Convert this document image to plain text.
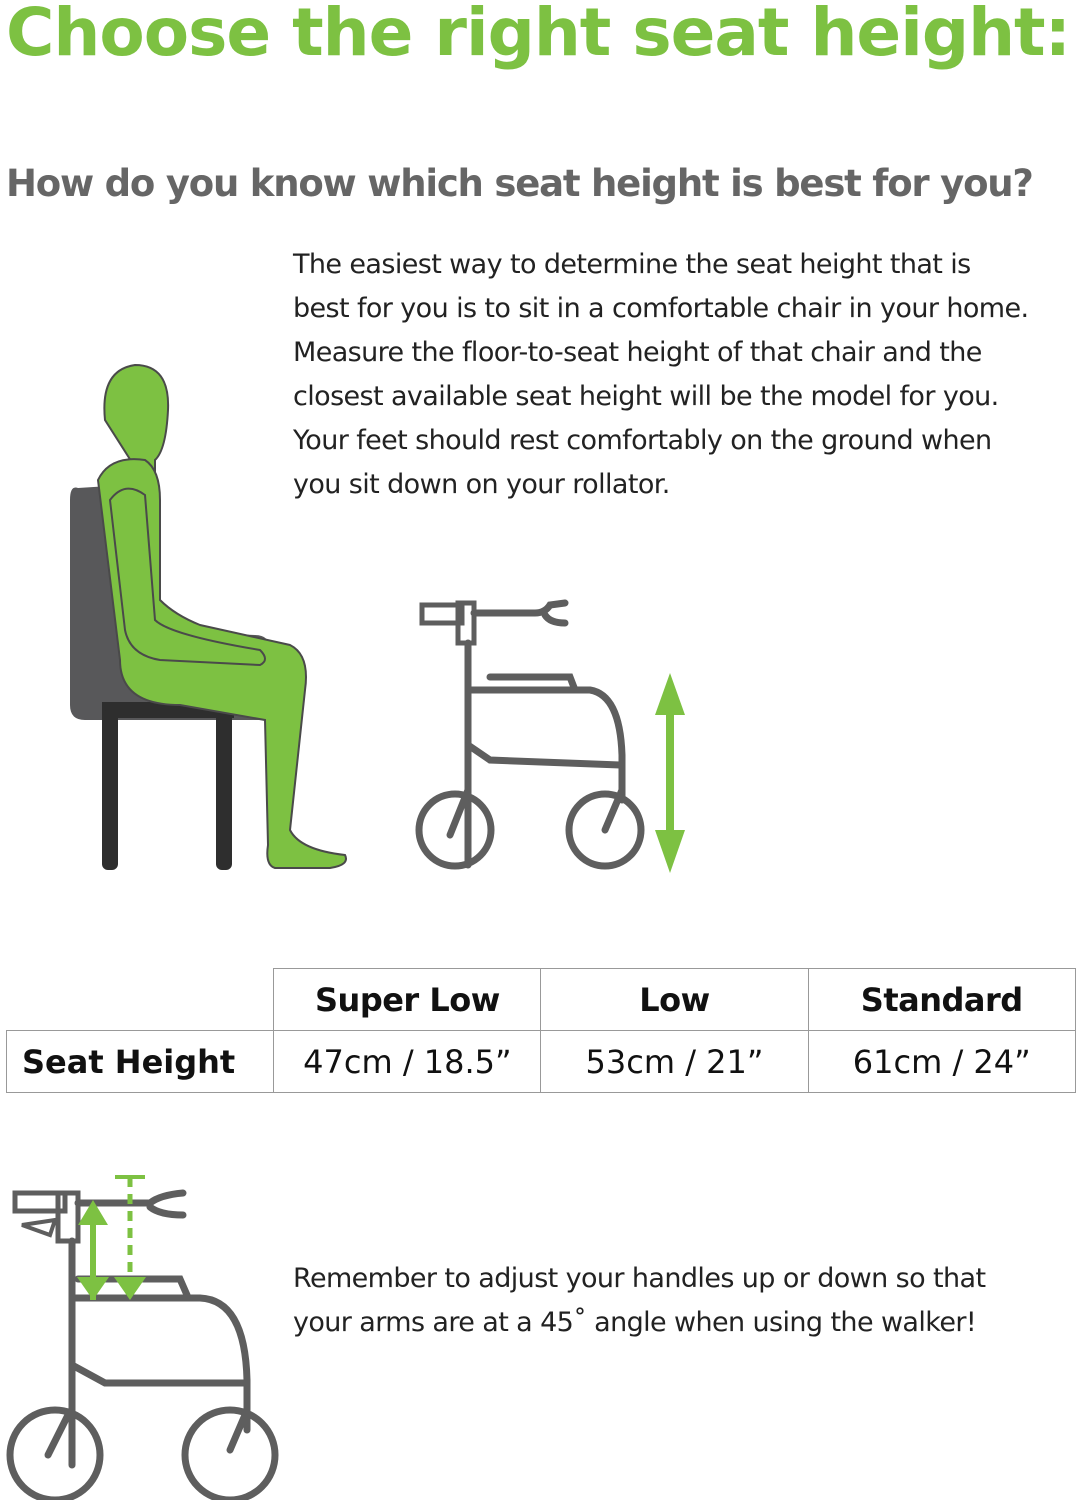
Choose the right seat height:
How do you know which seat height is best for you?
The easiest way to determine the seat height that is
best for you is to sit in a comfortable chair in your home.
Measure the floor-to-seat height of that chair and the
closest available seat height will be the model for you.
Your feet should rest comfortably on the ground when
you sit down on your rollator.
	Super Low	Low	Standard
Seat Height	47cm / 18.5”	53cm / 21”	61cm / 24”
Remember to adjust your handles up or down so that
your arms are at a 45˚ angle when using the walker!
